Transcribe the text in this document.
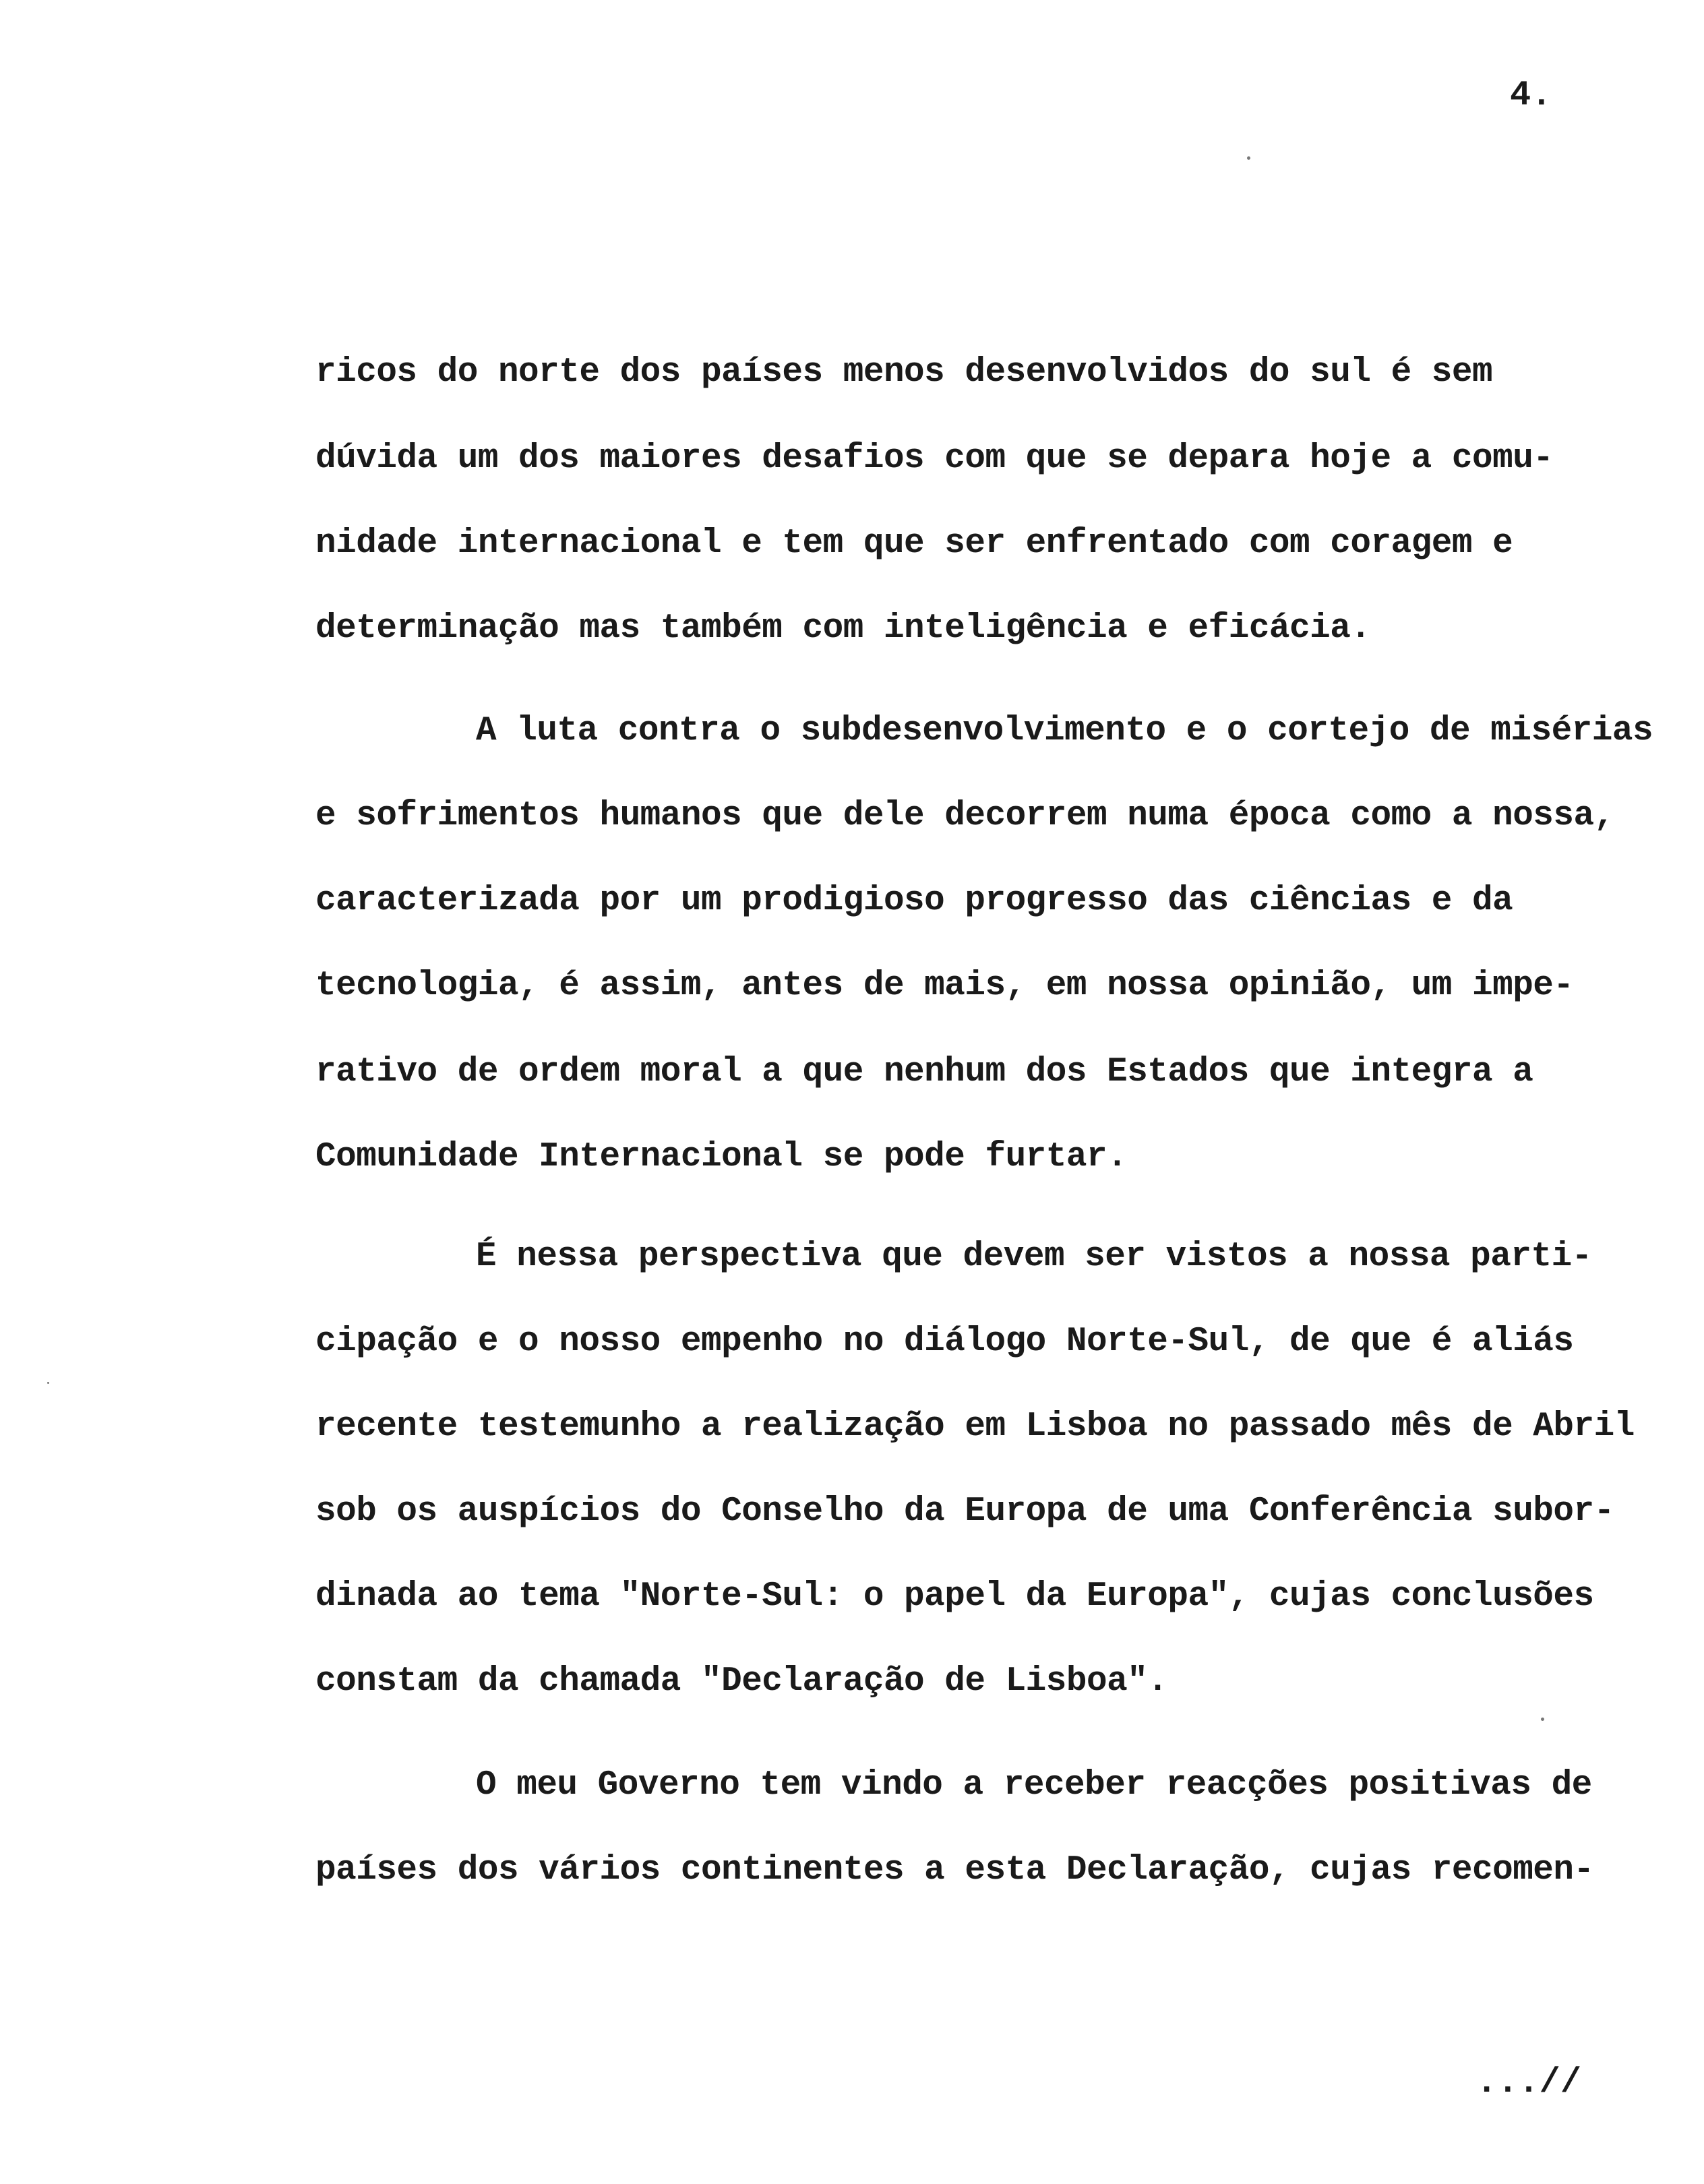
4.
ricos do norte dos países menos desenvolvidos do sul é sem
dúvida um dos maiores desafios com que se depara hoje a comu-
nidade internacional e tem que ser enfrentado com coragem e
determinação mas também com inteligência e eficácia.
A luta contra o subdesenvolvimento e o cortejo de misérias
e sofrimentos humanos que dele decorrem numa época como a nossa,
caracterizada por um prodigioso progresso das ciências e da
tecnologia, é assim, antes de mais, em nossa opinião, um impe-
rativo de ordem moral a que nenhum dos Estados que integra a
Comunidade Internacional se pode furtar.
É nessa perspectiva que devem ser vistos a nossa parti-
cipação e o nosso empenho no diálogo Norte-Sul, de que é aliás
recente testemunho a realização em Lisboa no passado mês de Abril
sob os auspícios do Conselho da Europa de uma Conferência subor-
dinada ao tema "Norte-Sul: o papel da Europa", cujas conclusões
constam da chamada "Declaração de Lisboa".
O meu Governo tem vindo a receber reacções positivas de
países dos vários continentes a esta Declaração, cujas recomen-
...//
